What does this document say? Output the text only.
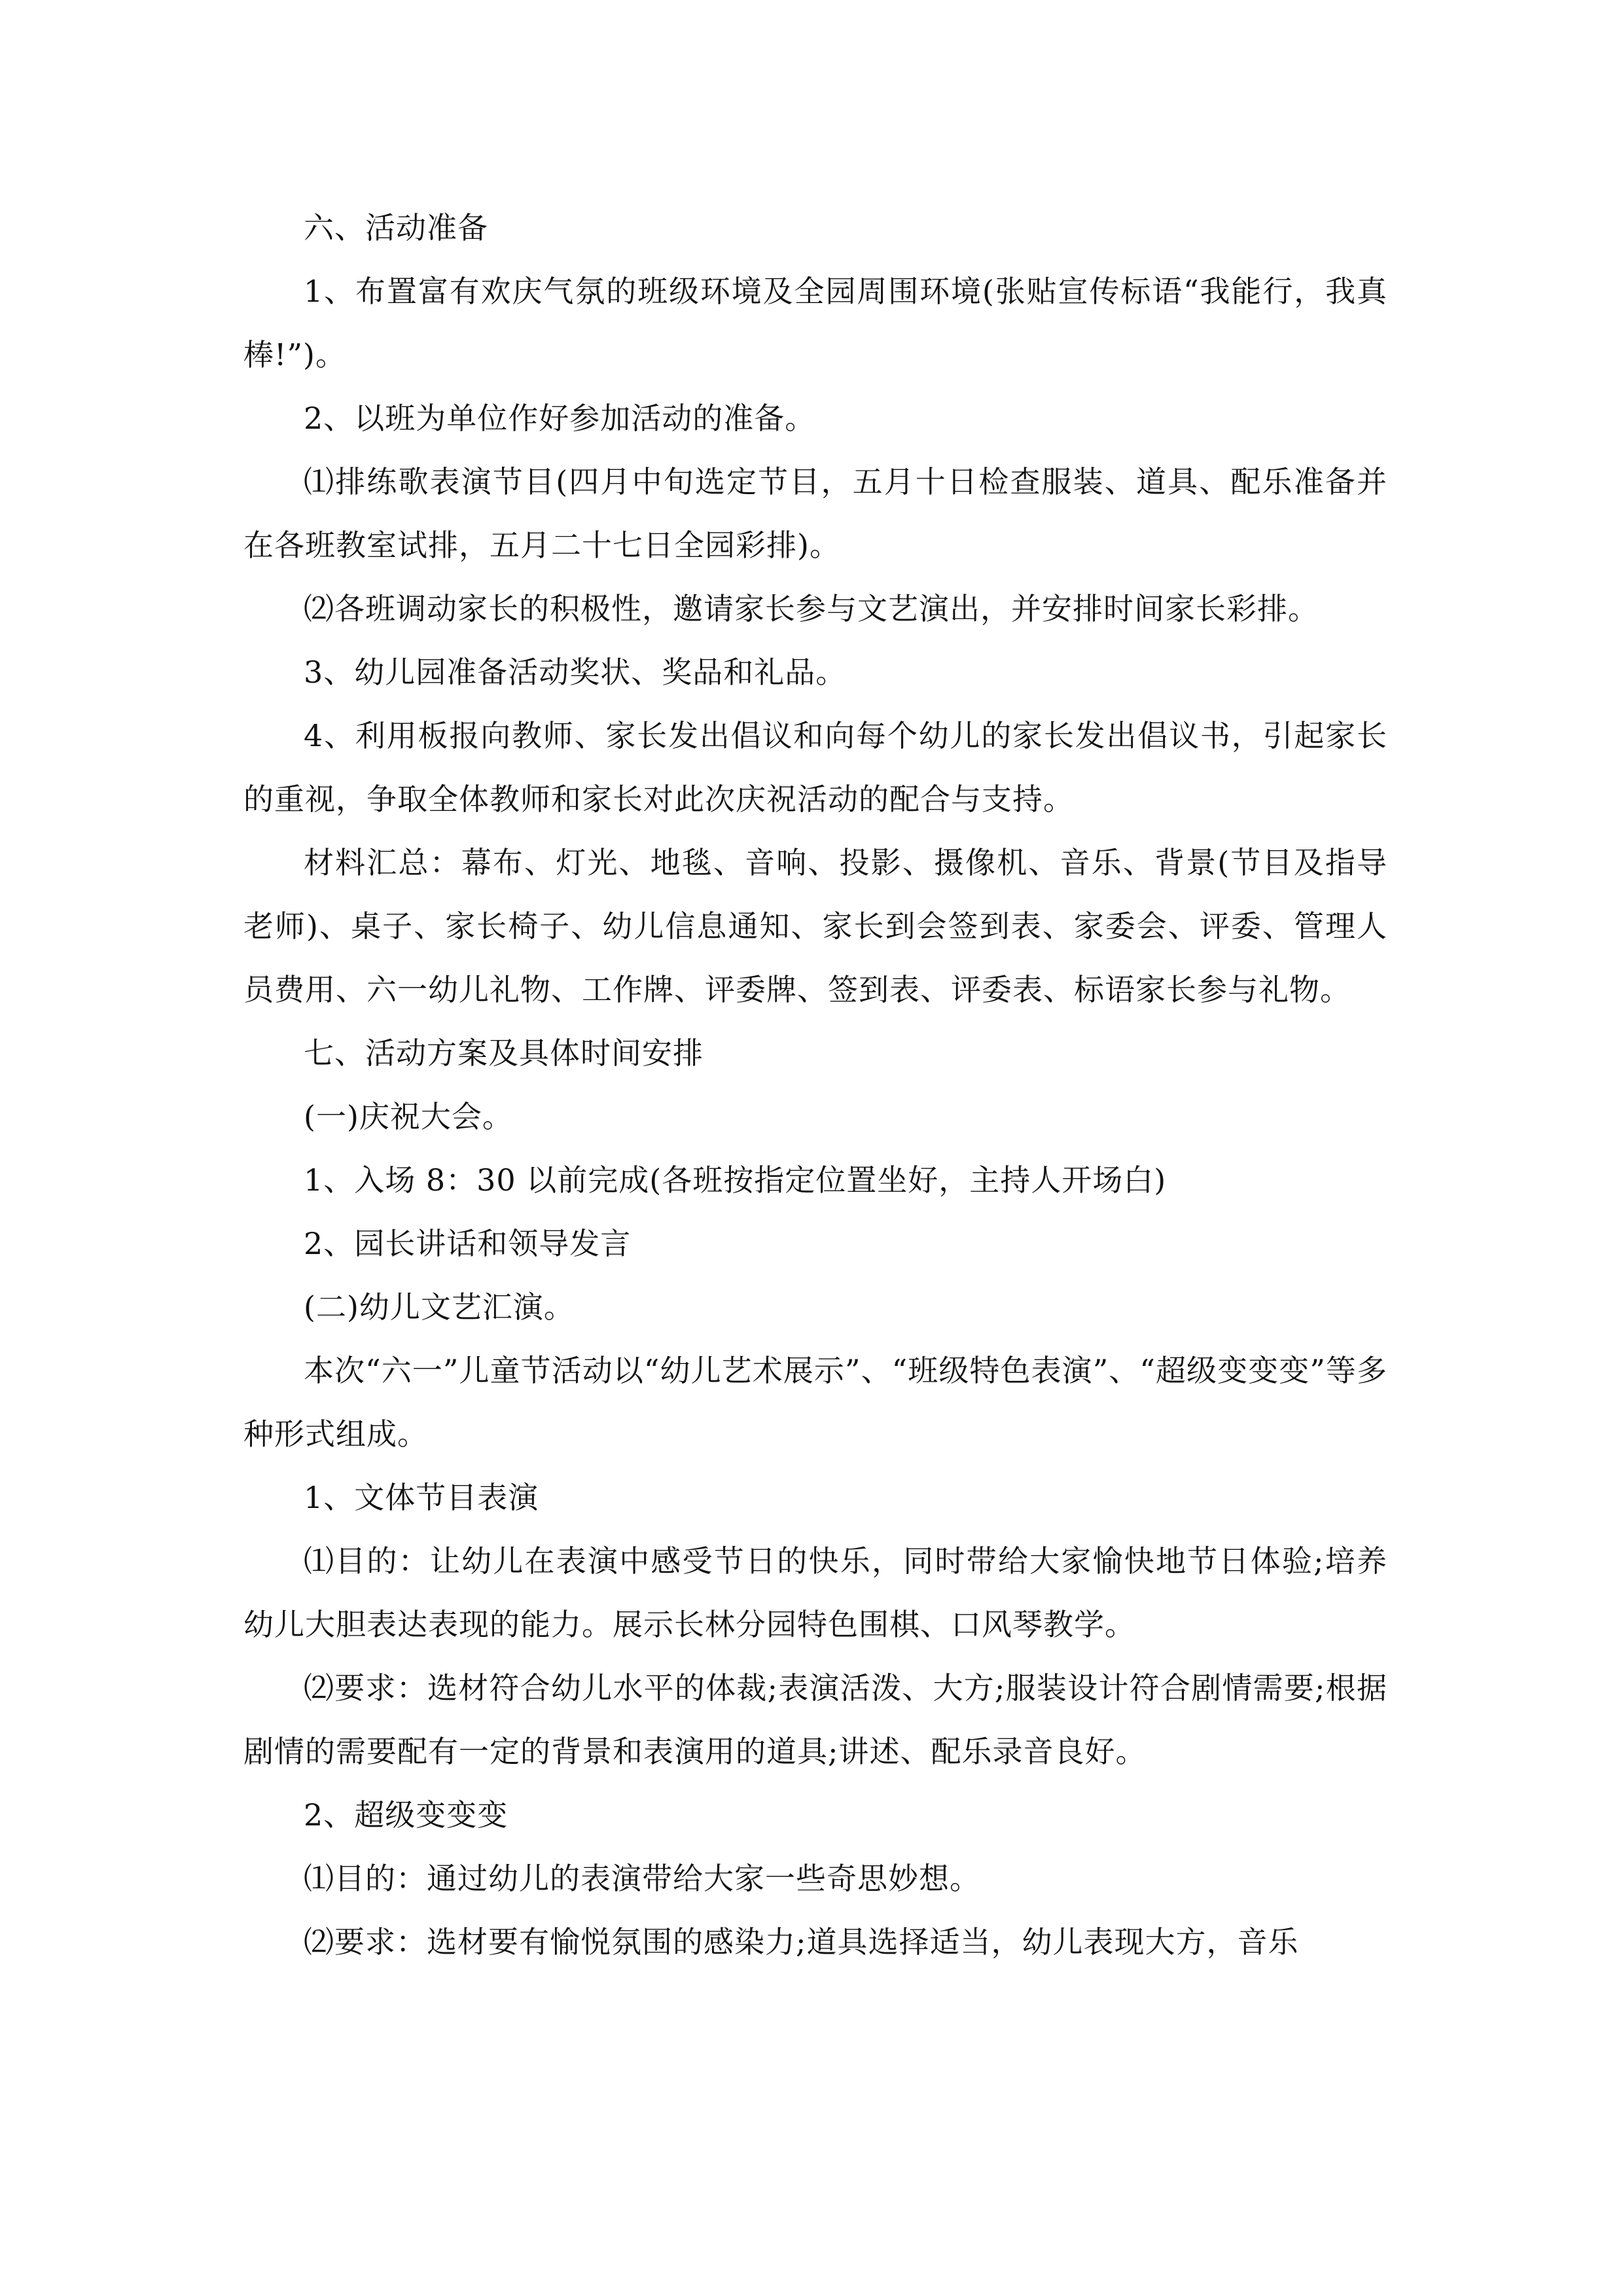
六、活动准备

1、布置富有欢庆气氛的班级环境及全园周围环境(张贴宣传标语“我能行，我真棒!”)。

2、以班为单位作好参加活动的准备。

⑴排练歌表演节目(四月中旬选定节目，五月十日检查服装、道具、配乐准备并在各班教室试排，五月二十七日全园彩排)。

⑵各班调动家长的积极性，邀请家长参与文艺演出，并安排时间家长彩排。

3、幼儿园准备活动奖状、奖品和礼品。

4、利用板报向教师、家长发出倡议和向每个幼儿的家长发出倡议书，引起家长的重视，争取全体教师和家长对此次庆祝活动的配合与支持。

材料汇总：幕布、灯光、地毯、音响、投影、摄像机、音乐、背景(节目及指导老师)、桌子、家长椅子、幼儿信息通知、家长到会签到表、家委会、评委、管理人员费用、六一幼儿礼物、工作牌、评委牌、签到表、评委表、标语家长参与礼物。

七、活动方案及具体时间安排

(一)庆祝大会。

1、入场 8：30 以前完成(各班按指定位置坐好，主持人开场白)

2、园长讲话和领导发言

(二)幼儿文艺汇演。

本次“六一”儿童节活动以“幼儿艺术展示”、“班级特色表演”、“超级变变变”等多种形式组成。

1、文体节目表演

⑴目的：让幼儿在表演中感受节日的快乐，同时带给大家愉快地节日体验;培养幼儿大胆表达表现的能力。展示长林分园特色围棋、口风琴教学。

⑵要求：选材符合幼儿水平的体裁;表演活泼、大方;服装设计符合剧情需要;根据剧情的需要配有一定的背景和表演用的道具;讲述、配乐录音良好。

2、超级变变变

⑴目的：通过幼儿的表演带给大家一些奇思妙想。

⑵要求：选材要有愉悦氛围的感染力;道具选择适当，幼儿表现大方，音乐
